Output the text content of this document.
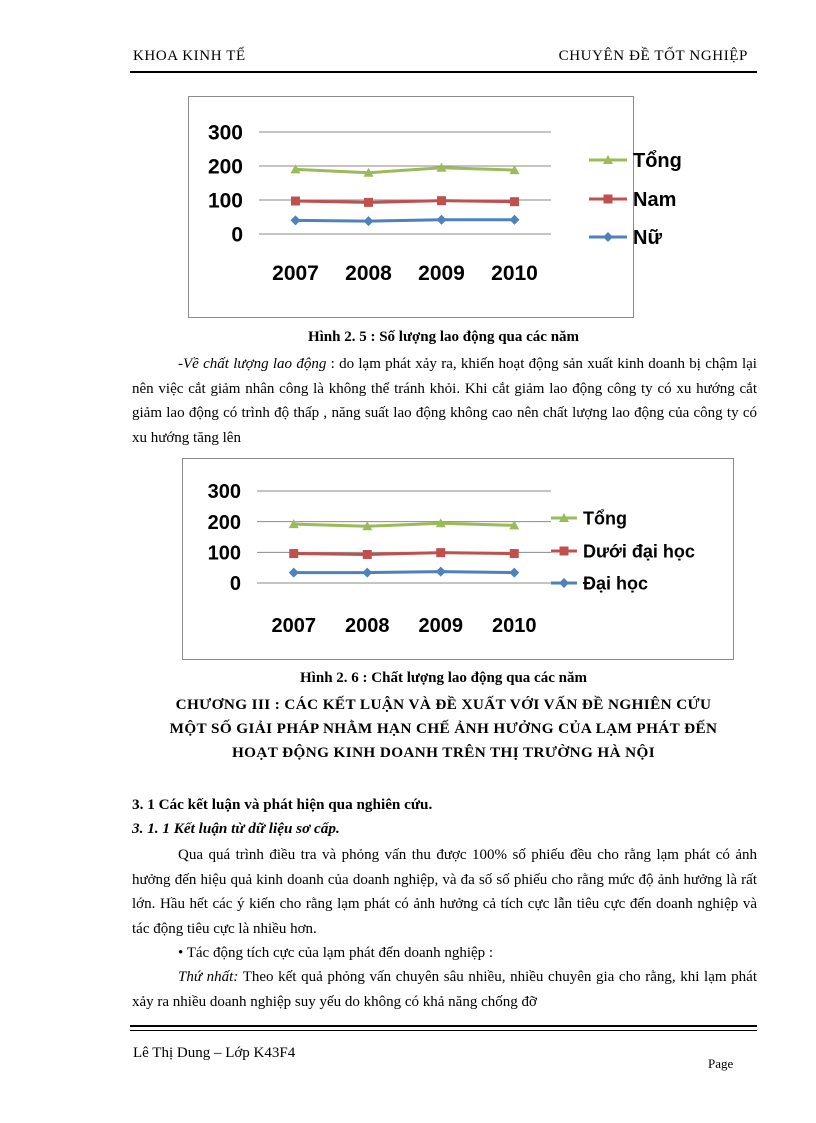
KHOA KINH TẾ	CHUYÊN ĐỀ TỐT NGHIỆP
300
200
100
0
2007 2008 2009 2010
Tổng
Nam
Nữ
Hình 2. 5 : Số lượng lao động qua các năm

-Về chất lượng lao động : do lạm phát xảy ra, khiến hoạt động sản xuất kinh doanh bị chậm lại nên việc cắt giảm nhân công là không thể tránh khỏi. Khi cắt giảm lao động công ty có xu hướng cắt giảm lao động có trình độ thấp , năng suất lao động không cao nên chất lượng lao động của công ty có xu hướng tăng lên

300
200
100
0
2007 2008 2009 2010
Tổng
Dưới đại học
Đại học
Hình 2. 6 : Chất lượng lao động qua các năm
CHƯƠNG III : CÁC KẾT LUẬN VÀ ĐỀ XUẤT VỚI VẤN ĐỀ NGHIÊN CỨU
MỘT SỐ GIẢI PHÁP NHẰM HẠN CHẾ ẢNH HƯỞNG CỦA LẠM PHÁT ĐẾN
HOẠT ĐỘNG KINH DOANH TRÊN THỊ TRƯỜNG HÀ NỘI
3. 1 Các kết luận và phát hiện qua nghiên cứu.
3. 1. 1 Kết luận từ dữ liệu sơ cấp.

Qua quá trình điều tra và phỏng vấn thu được 100% số phiếu đều cho rằng lạm phát có ảnh hưởng đến hiệu quả kinh doanh của doanh nghiệp, và đa số số phiếu cho rằng mức độ ảnh hưởng là rất lớn. Hầu hết các ý kiến cho rằng lạm phát có ảnh hưởng cả tích cực lẫn tiêu cực đến doanh nghiệp và tác động tiêu cực là nhiều hơn.

• Tác động tích cực của lạm phát đến doanh nghiệp :

Thứ nhất: Theo kết quả phỏng vấn chuyên sâu nhiều, nhiều chuyên gia cho rằng, khi lạm phát xảy ra nhiều doanh nghiệp suy yếu do không có khả năng chống đỡ

Lê Thị Dung – Lớp K43F4
Page
